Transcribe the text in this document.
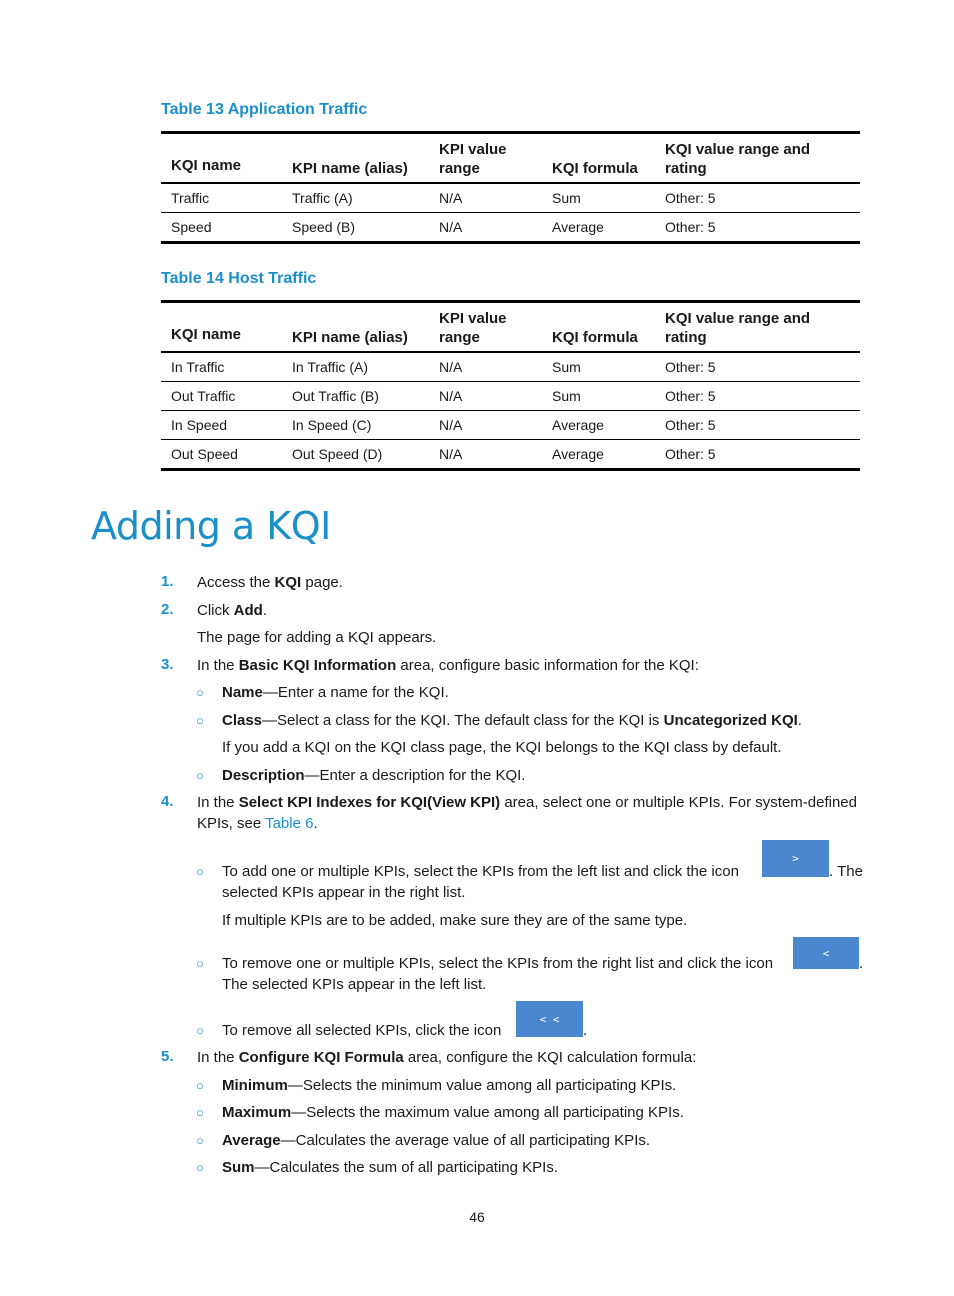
Table 13 Application Traffic
KQI name	KPI name (alias)	KPI value range	KQI formula	KQI value range and rating
Traffic	Traffic (A)	N/A	Sum	Other: 5
Speed	Speed (B)	N/A	Average	Other: 5
Table 14 Host Traffic
KQI name	KPI name (alias)	KPI value range	KQI formula	KQI value range and rating
In Traffic	In Traffic (A)	N/A	Sum	Other: 5
Out Traffic	Out Traffic (B)	N/A	Sum	Other: 5
In Speed	In Speed (C)	N/A	Average	Other: 5
Out Speed	Out Speed (D)	N/A	Average	Other: 5
Adding a KQI
1. Access the KQI page.
2. Click Add.
The page for adding a KQI appears.
3. In the Basic KQI Information area, configure basic information for the KQI:
○ Name—Enter a name for the KQI.
○ Class—Select a class for the KQI. The default class for the KQI is Uncategorized KQI.
If you add a KQI on the KQI class page, the KQI belongs to the KQI class by default.
○ Description—Enter a description for the KQI.
4. In the Select KPI Indexes for KQI(View KPI) area, select one or multiple KPIs. For system-defined
KPIs, see Table 6.
○ To add one or multiple KPIs, select the KPIs from the left list and click the icon
>
. The
selected KPIs appear in the right list.
If multiple KPIs are to be added, make sure they are of the same type.
○ To remove one or multiple KPIs, select the KPIs from the right list and click the icon
<
.
The selected KPIs appear in the left list.
○ To remove all selected KPIs, click the icon
< <
.
5. In the Configure KQI Formula area, configure the KQI calculation formula:
○ Minimum—Selects the minimum value among all participating KPIs.
○ Maximum—Selects the maximum value among all participating KPIs.
○ Average—Calculates the average value of all participating KPIs.
○ Sum—Calculates the sum of all participating KPIs.
46
